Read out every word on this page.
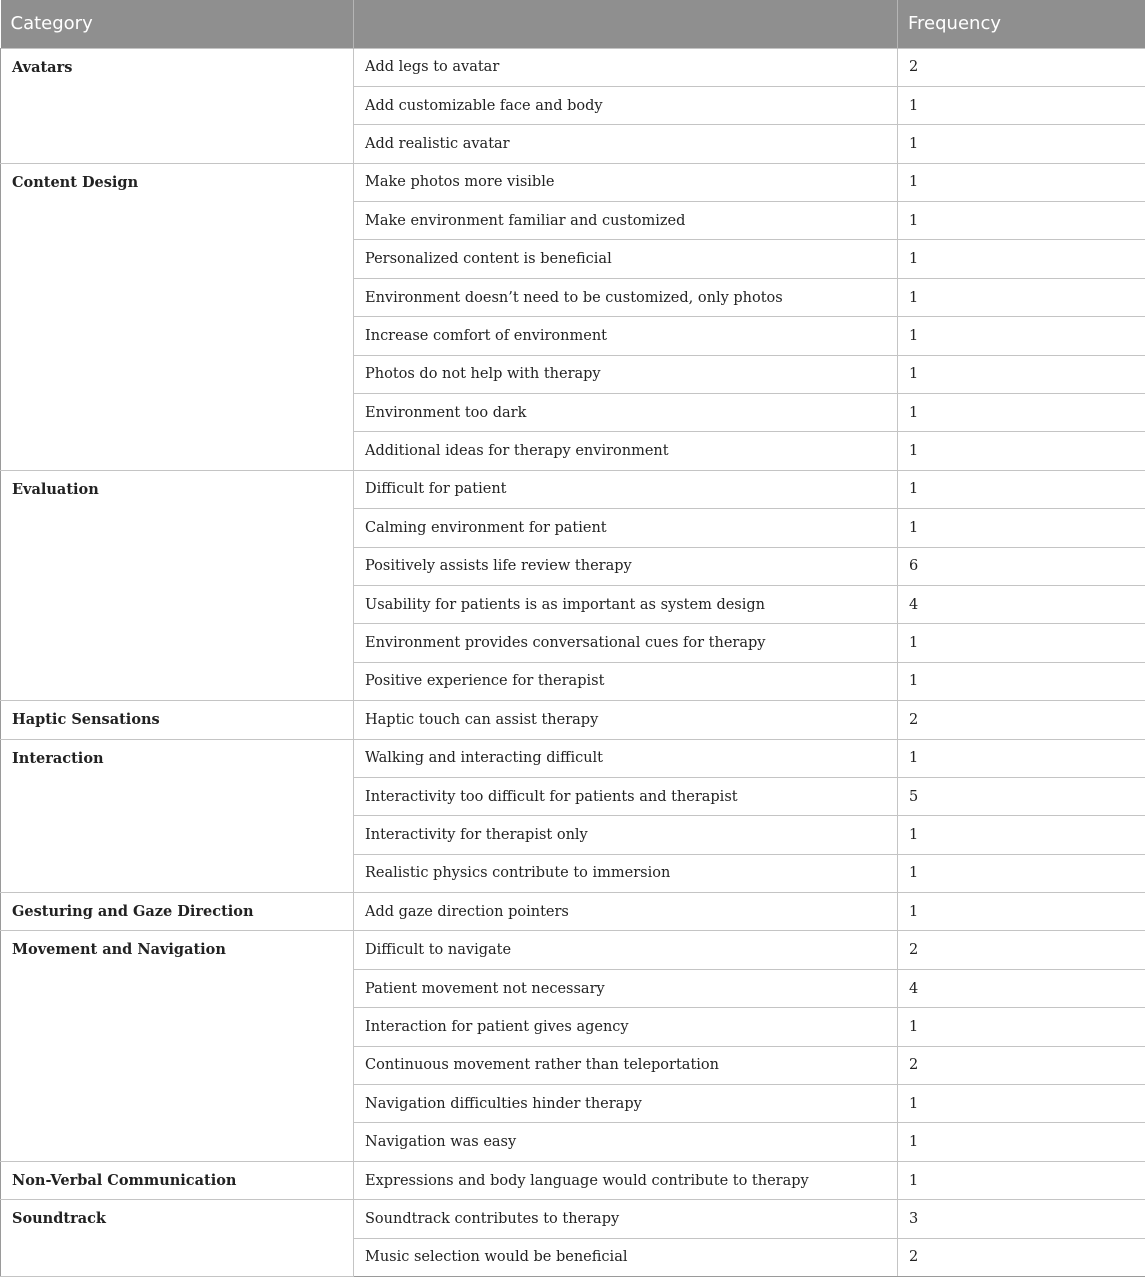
Category		Frequency
Avatars	Add legs to avatar	2
	Add customizable face and body	1
	Add realistic avatar	1
Content Design	Make photos more visible	1
	Make environment familiar and customized	1
	Personalized content is beneficial	1
	Environment doesn’t need to be customized, only photos	1
	Increase comfort of environment	1
	Photos do not help with therapy	1
	Environment too dark	1
	Additional ideas for therapy environment	1
Evaluation	Difficult for patient	1
	Calming environment for patient	1
	Positively assists life review therapy	6
	Usability for patients is as important as system design	4
	Environment provides conversational cues for therapy	1
	Positive experience for therapist	1
Haptic Sensations	Haptic touch can assist therapy	2
Interaction	Walking and interacting difficult	1
	Interactivity too difficult for patients and therapist	5
	Interactivity for therapist only	1
	Realistic physics contribute to immersion	1
Gesturing and Gaze Direction	Add gaze direction pointers	1
Movement and Navigation	Difficult to navigate	2
	Patient movement not necessary	4
	Interaction for patient gives agency	1
	Continuous movement rather than teleportation	2
	Navigation difficulties hinder therapy	1
	Navigation was easy	1
Non-Verbal Communication	Expressions and body language would contribute to therapy	1
Soundtrack	Soundtrack contributes to therapy	3
	Music selection would be beneficial	2
